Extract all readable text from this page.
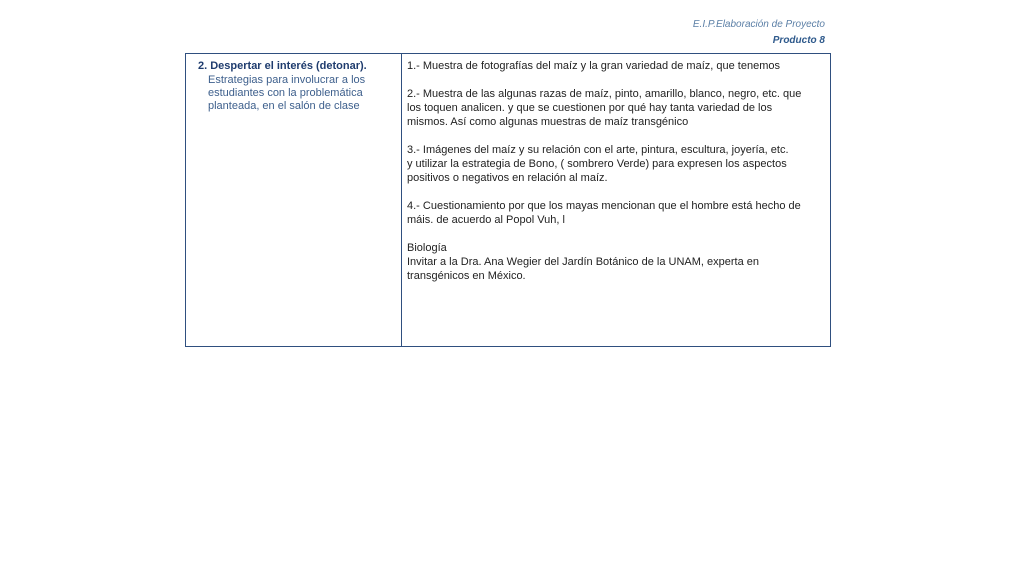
E.I.P.Elaboración de Proyecto
Producto 8
2. Despertar el interés (detonar).
Estrategias para involucrar a los estudiantes con la problemática planteada, en el salón de clase

1.- Muestra de fotografías del maíz y la gran variedad de maíz, que tenemos

2.- Muestra de las algunas razas de maíz, pinto, amarillo, blanco, negro, etc. que
los toquen analicen. y que se cuestionen por qué hay tanta variedad de los
mismos. Así como algunas muestras de maíz transgénico

3.- Imágenes del maíz y su relación con el arte, pintura, escultura, joyería, etc.
y utilizar la estrategia de Bono, ( sombrero Verde) para expresen los aspectos
positivos o negativos en relación al maíz.

4.- Cuestionamiento por que los mayas mencionan que el hombre está hecho de
máis. de acuerdo al Popol Vuh, l

Biología
Invitar a la Dra. Ana Wegier del Jardín Botánico de la UNAM, experta en
transgénicos en México.
